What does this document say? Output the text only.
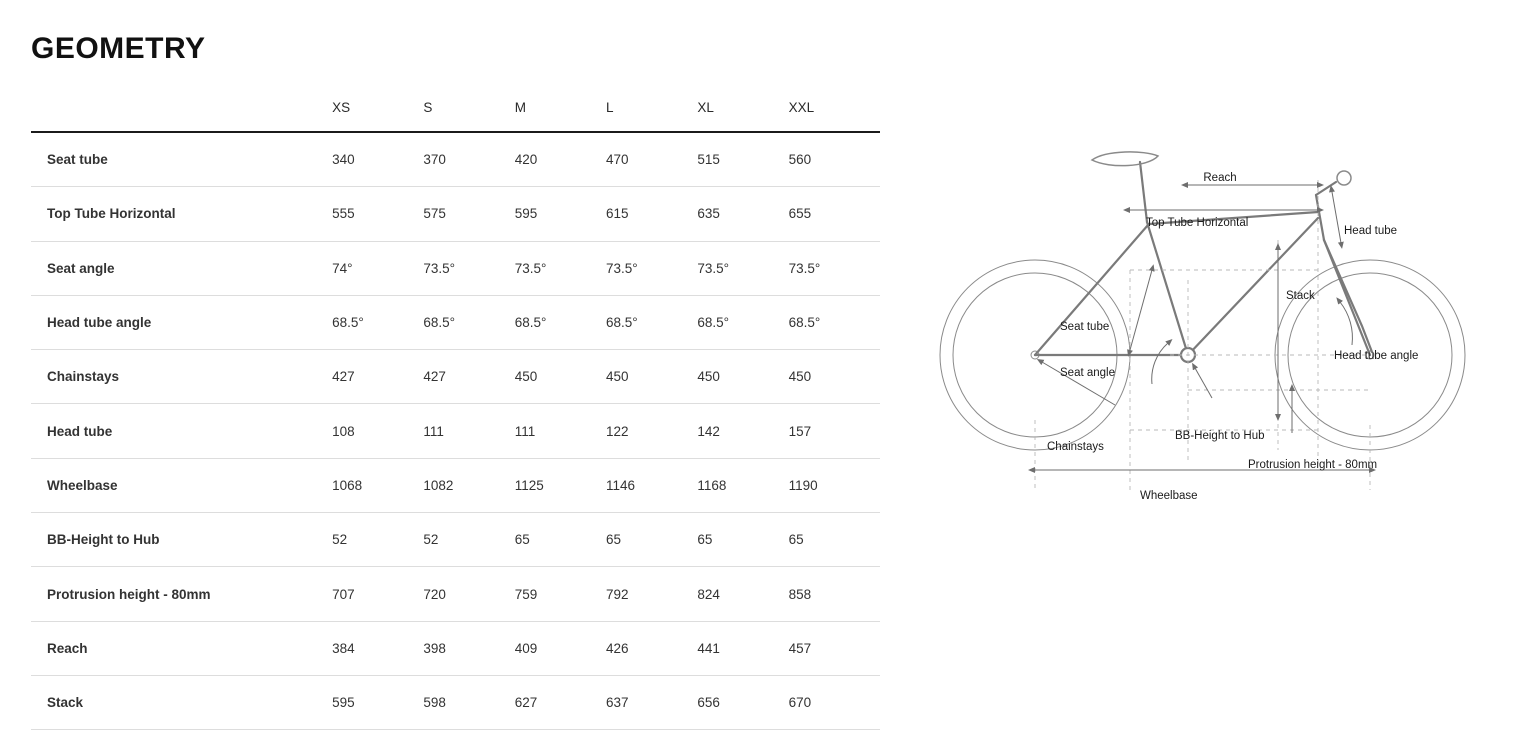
GEOMETRY
	XS	S	M	L	XL	XXL
Seat tube	340	370	420	470	515	560
Top Tube Horizontal	555	575	595	615	635	655
Seat angle	74°	73.5°	73.5°	73.5°	73.5°	73.5°
Head tube angle	68.5°	68.5°	68.5°	68.5°	68.5°	68.5°
Chainstays	427	427	450	450	450	450
Head tube	108	111	111	122	142	157
Wheelbase	1068	1082	1125	1146	1168	1190
BB-Height to Hub	52	52	65	65	65	65
Protrusion height - 80mm	707	720	759	792	824	858
Reach	384	398	409	426	441	457
Stack	595	598	627	637	656	670
Reach
Top Tube Horizontal
Head tube
Stack
Seat tube
Seat angle
Head tube angle
BB-Height to Hub
Protrusion height - 80mm
Chainstays
Wheelbase
